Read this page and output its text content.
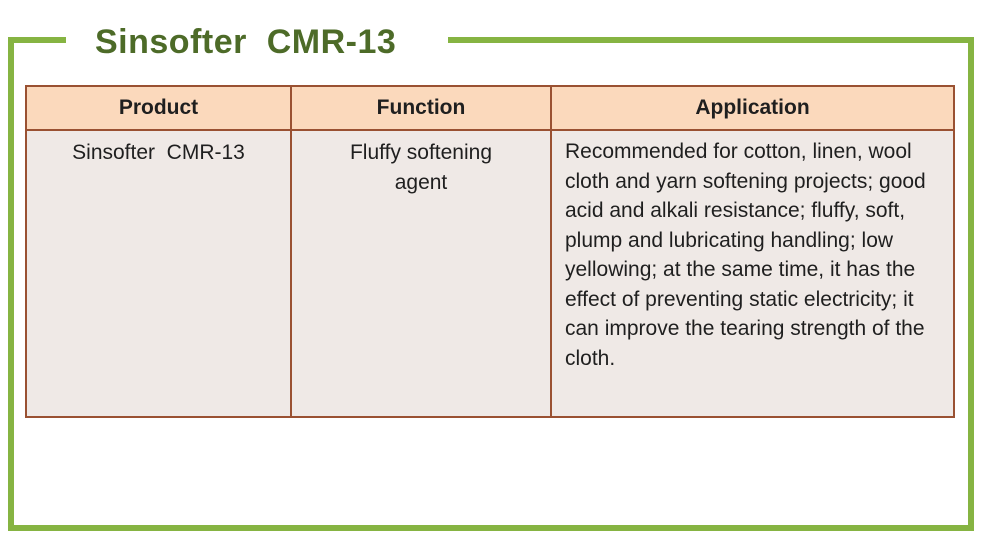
Sinsofter  CMR-13
Product	Function	Application
Sinsofter  CMR-13	Fluffy softening agent	Recommended for cotton, linen, wool cloth and yarn softening projects; good acid and alkali resistance; fluffy, soft, plump and lubricating handling; low yellowing; at the same time, it has the effect of preventing static electricity; it can improve the tearing strength of the cloth.
